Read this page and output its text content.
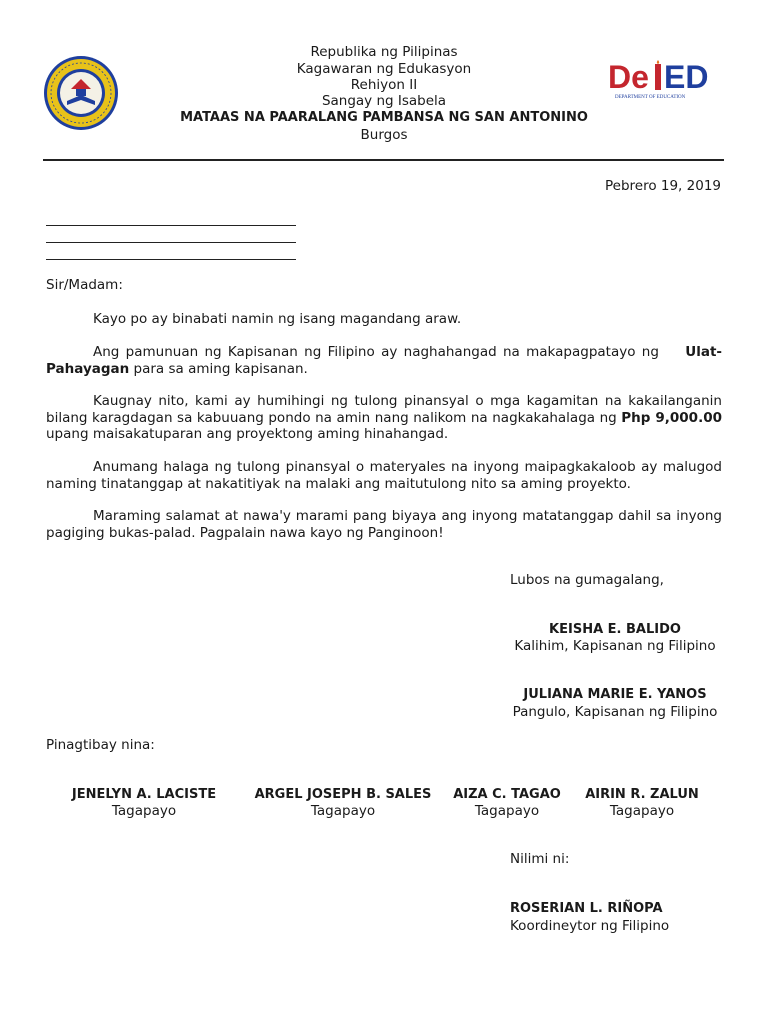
De ED
DEPARTMENT OF EDUCATION
Republika ng Pilipinas
Kagawaran ng Edukasyon
Rehiyon II
Sangay ng Isabela
MATAAS NA PAARALANG PAMBANSA NG SAN ANTONINO
Burgos
Pebrero 19, 2019
Sir/Madam:
Kayo po ay binabati namin ng isang magandang araw.
Ang pamunuan ng Kapisanan ng Filipino ay naghahangad na makapagpatayo ng Ulat-Pahayagan para sa aming kapisanan.
Kaugnay nito, kami ay humihingi ng tulong pinansyal o mga kagamitan na kakailanganin bilang karagdagan sa kabuuang pondo na amin nang nalikom na nagkakahalaga ng Php 9,000.00 upang maisakatuparan ang proyektong aming hinahangad.
Anumang halaga ng tulong pinansyal o materyales na inyong maipagkakaloob ay malugod naming tinatanggap at nakatitiyak na malaki ang maitutulong nito sa aming proyekto.
Maraming salamat at nawa'y marami pang biyaya ang inyong matatanggap dahil sa inyong pagiging bukas-palad. Pagpalain nawa kayo ng Panginoon!
Lubos na gumagalang,
KEISHA E. BALIDO
Kalihim, Kapisanan ng Filipino
JULIANA MARIE E. YANOS
Pangulo, Kapisanan ng Filipino
Pinagtibay nina:
JENELYN A. LACISTE
Tagapayo
ARGEL JOSEPH B. SALES
Tagapayo
AIZA C. TAGAO
Tagapayo
AIRIN R. ZALUN
Tagapayo
Nilimi ni:
ROSERIAN L. RIÑOPA
Koordineytor ng Filipino
